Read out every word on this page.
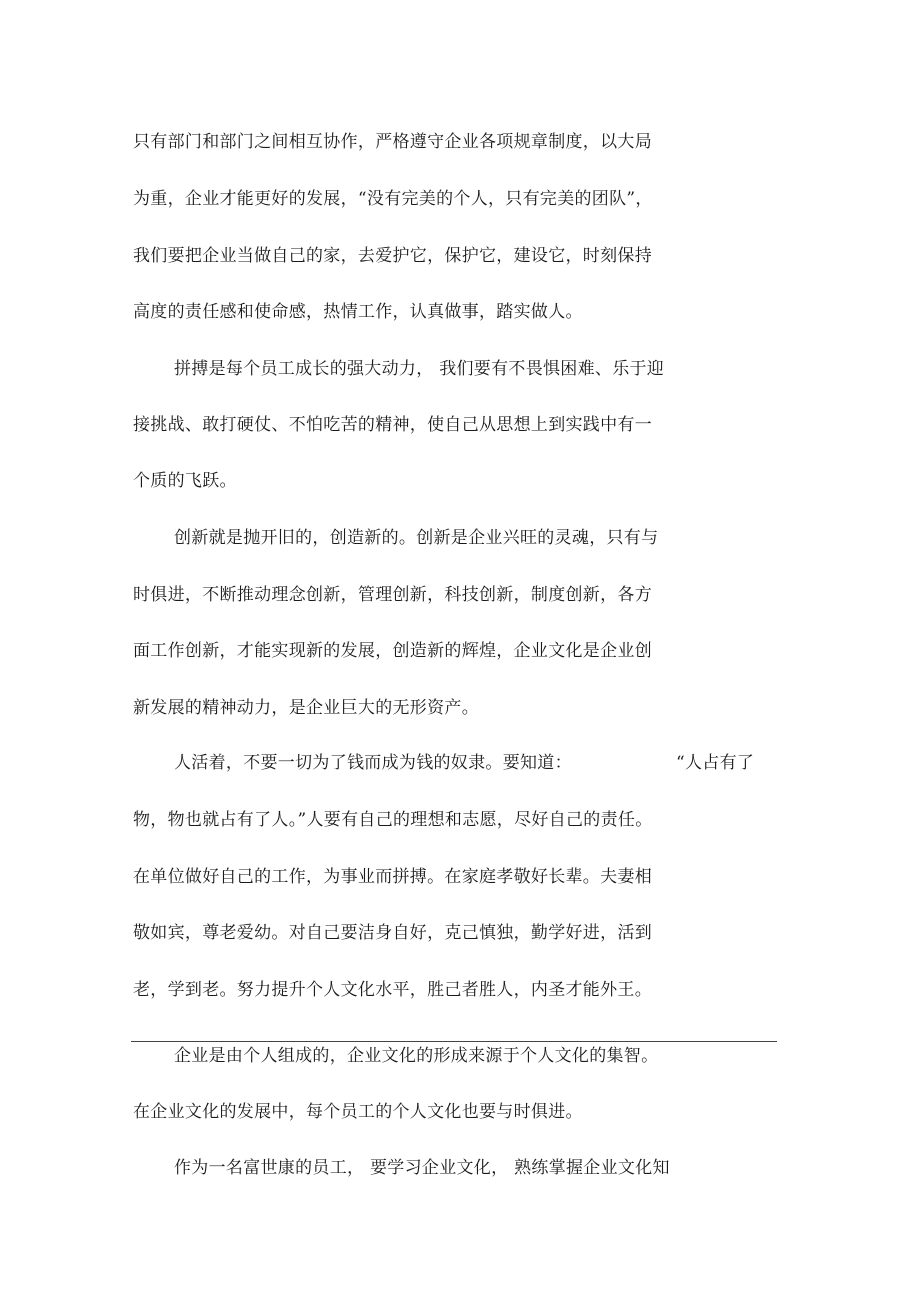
只有部门和部门之间相互协作，严格遵守企业各项规章制度，以大局
为重，企业才能更好的发展，“没有完美的个人，只有完美的团队”，
我们要把企业当做自己的家，去爱护它，保护它，建设它，时刻保持
高度的责任感和使命感，热情工作，认真做事，踏实做人。
拼搏是每个员工成长的强大动力， 我们要有不畏惧困难、乐于迎
接挑战、敢打硬仗、不怕吃苦的精神，使自己从思想上到实践中有一
个质的飞跃。
创新就是抛开旧的，创造新的。创新是企业兴旺的灵魂，只有与
时俱进，不断推动理念创新，管理创新，科技创新，制度创新，各方
面工作创新，才能实现新的发展，创造新的辉煌，企业文化是企业创
新发展的精神动力，是企业巨大的无形资产。
人活着，不要一切为了钱而成为钱的奴隶。要知道：	“人占有了
物，物也就占有了人。”人要有自己的理想和志愿，尽好自己的责任。
在单位做好自己的工作，为事业而拼搏。在家庭孝敬好长辈。夫妻相
敬如宾，尊老爱幼。对自己要洁身自好，克己慎独，勤学好进，活到
老，学到老。努力提升个人文化水平，胜己者胜人，内圣才能外王。
企业是由个人组成的，企业文化的形成来源于个人文化的集智。
在企业文化的发展中，每个员工的个人文化也要与时俱进。
作为一名富世康的员工， 要学习企业文化， 熟练掌握企业文化知
